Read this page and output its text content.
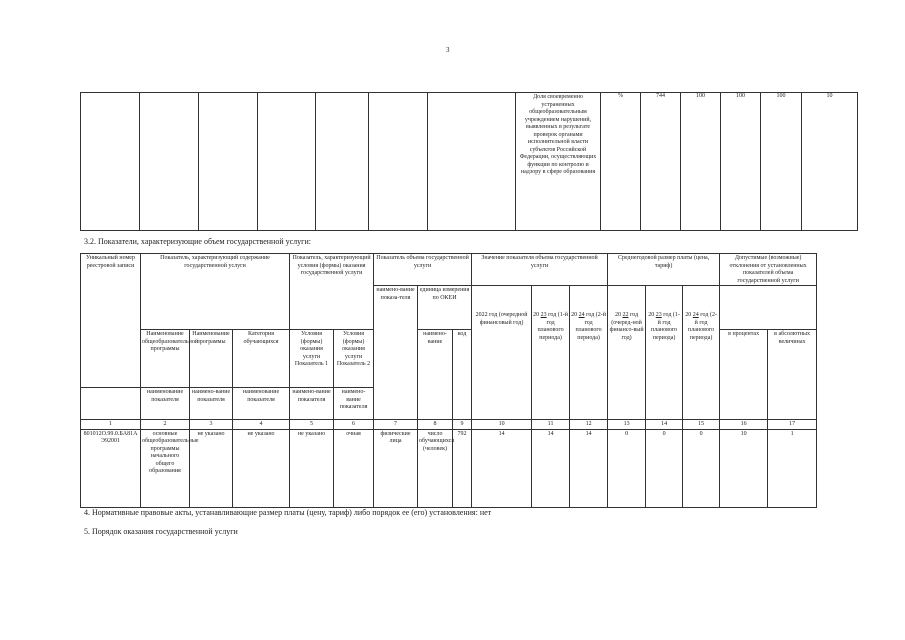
3
							Доля своевременно устраненных общеобразовательным учреждением нарушений, выявленных в результате проверок органами исполнительной власти субъектов Российской Федерации, осуществляющих функции по контролю и надзору в сфере образования	%	744	100	100	100	10	
3.2. Показатели, характеризующие объем государственной услуги:
Уникальный номер реестровой записи	Показатель, характеризующий содержание государственной услуги			Показатель, характеризующий условия (формы) оказания государственной услуги		Показатель объема государственной услуги			Значение показателя объема государственной услуги			Среднегодовой размер платы (цена, тариф)			Допустимые (возможные) отклонения от установленных показателей объема государственной услуги	
						наимено-вание показа-теля	единица измерения по ОКЕИ		2022 год (очередной финансовый год)	20 23 год (1-й год планового периода)	20 24 год (2-й год планового периода)	20 22 год (очеред-ной финансо-вый год)	20 23 год (1-й год планового периода)	20 24 год (2-й год планового периода)		
	Наименование общеобразовательной программы	Наименование программы	Категория обучающихся	Условия (формы) оказания услуги Показатель 1	Условия (формы) оказания услуги Показатель 2		наимено-вание	код							в процентах	в абсолютных величинах
	наименование показателя	наимено-вание показателя	наименование показателя	наимено-вание показателя	наимено-вание показателя											
1	2	3	4	5	6	7	8	9	10	11	12	13	14	15	16	17
801012О.99.0.БА81АЭ92001	основные общеобразовательные программы начального общего образования	не указано	не указано	не указано	очная	физические лица	число обучающихся (человек)	792	14	14	14	0	0	0	10	1
4. Нормативные правовые акты, устанавливающие размер платы (цену, тариф) либо порядок ее (его) установления: нет
5. Порядок оказания государственной услуги
